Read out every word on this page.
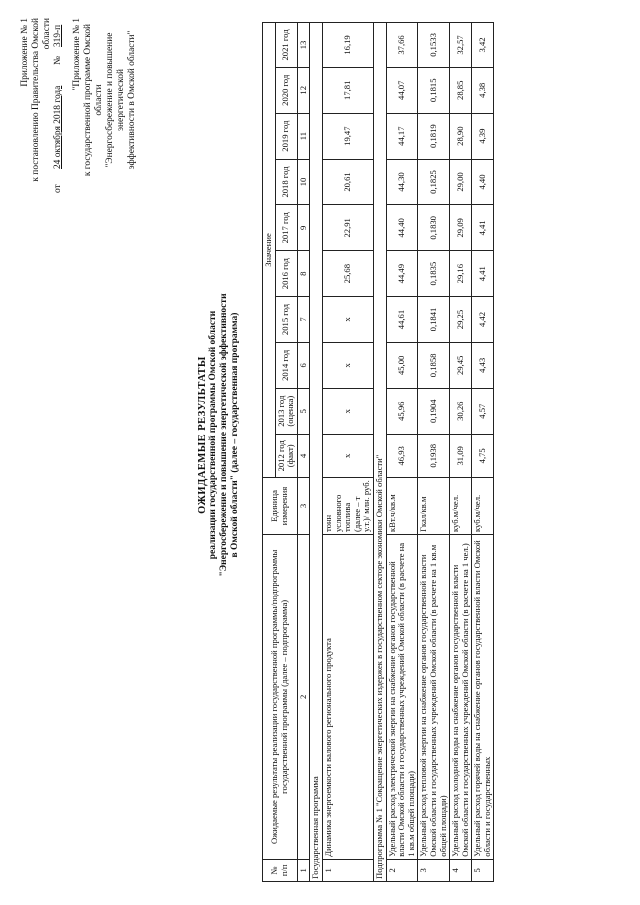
Приложение № 1 к постановлению Правительства Омской области
от
24 октября 2018 года
№
319-п "Приложение № 1 к государственной программе Омской области "Энергосбережение и повышение энергетической эффективности в Омской области"
ОЖИДАЕМЫЕ РЕЗУЛЬТАТЫ реализации государственной программы Омской области "Энергосбережение и повышение энергетической эффективности в Омской области" (далее – государственная программа)
№ п/п	Ожидаемые результаты реализации государственной программы/подпрограммы государственной программы (далее – подпрограмма)	Единица измерения	Значение									
			2012 год (факт)	2013 год (оценка)	2014 год	2015 год	2016 год	2017 год	2018 год	2019 год	2020 год	2021 год
1	2	3	4	5	6	7	8	9	10	11	12	13
Государственная программа												
1	Динамика энергоемкости валового регионального продукта	тонн условного топлива (далее – т у.т.)/ млн. руб.	х	х	х	х	25,68	22,91	20,61	19,47	17,81	16,19
Подпрограмма № 1 "Сокращение энергетических издержек в государственном секторе экономики Омской области"												
2	Удельный расход электрической энергии на снабжение органов государственной власти Омской области и государственных учреждений Омской области (в расчете на 1 кв.м общей площади)	кВт.ч/кв.м	46,93	45,96	45,00	44,61	44,49	44,40	44,30	44,17	44,07	37,66
3	Удельный расход тепловой энергии на снабжение органов государственной власти Омской области и государственных учреждений Омской области (в расчете на 1 кв.м общей площади)	Гкал/кв.м	0,1938	0,1904	0,1858	0,1841	0,1835	0,1830	0,1825	0,1819	0,1815	0,1533
4	Удельный расход холодной воды на снабжение органов государственной власти Омской области и государственных учреждений Омской области (в расчете на 1 чел.)	куб.м/чел.	31,09	30,26	29,45	29,25	29,16	29,09	29,00	28,90	28,85	32,57
5	Удельный расход горячей воды на снабжение органов государственной власти Омской области и государственных	куб.м/чел.	4,75	4,57	4,43	4,42	4,41	4,41	4,40	4,39	4,38	3,42
